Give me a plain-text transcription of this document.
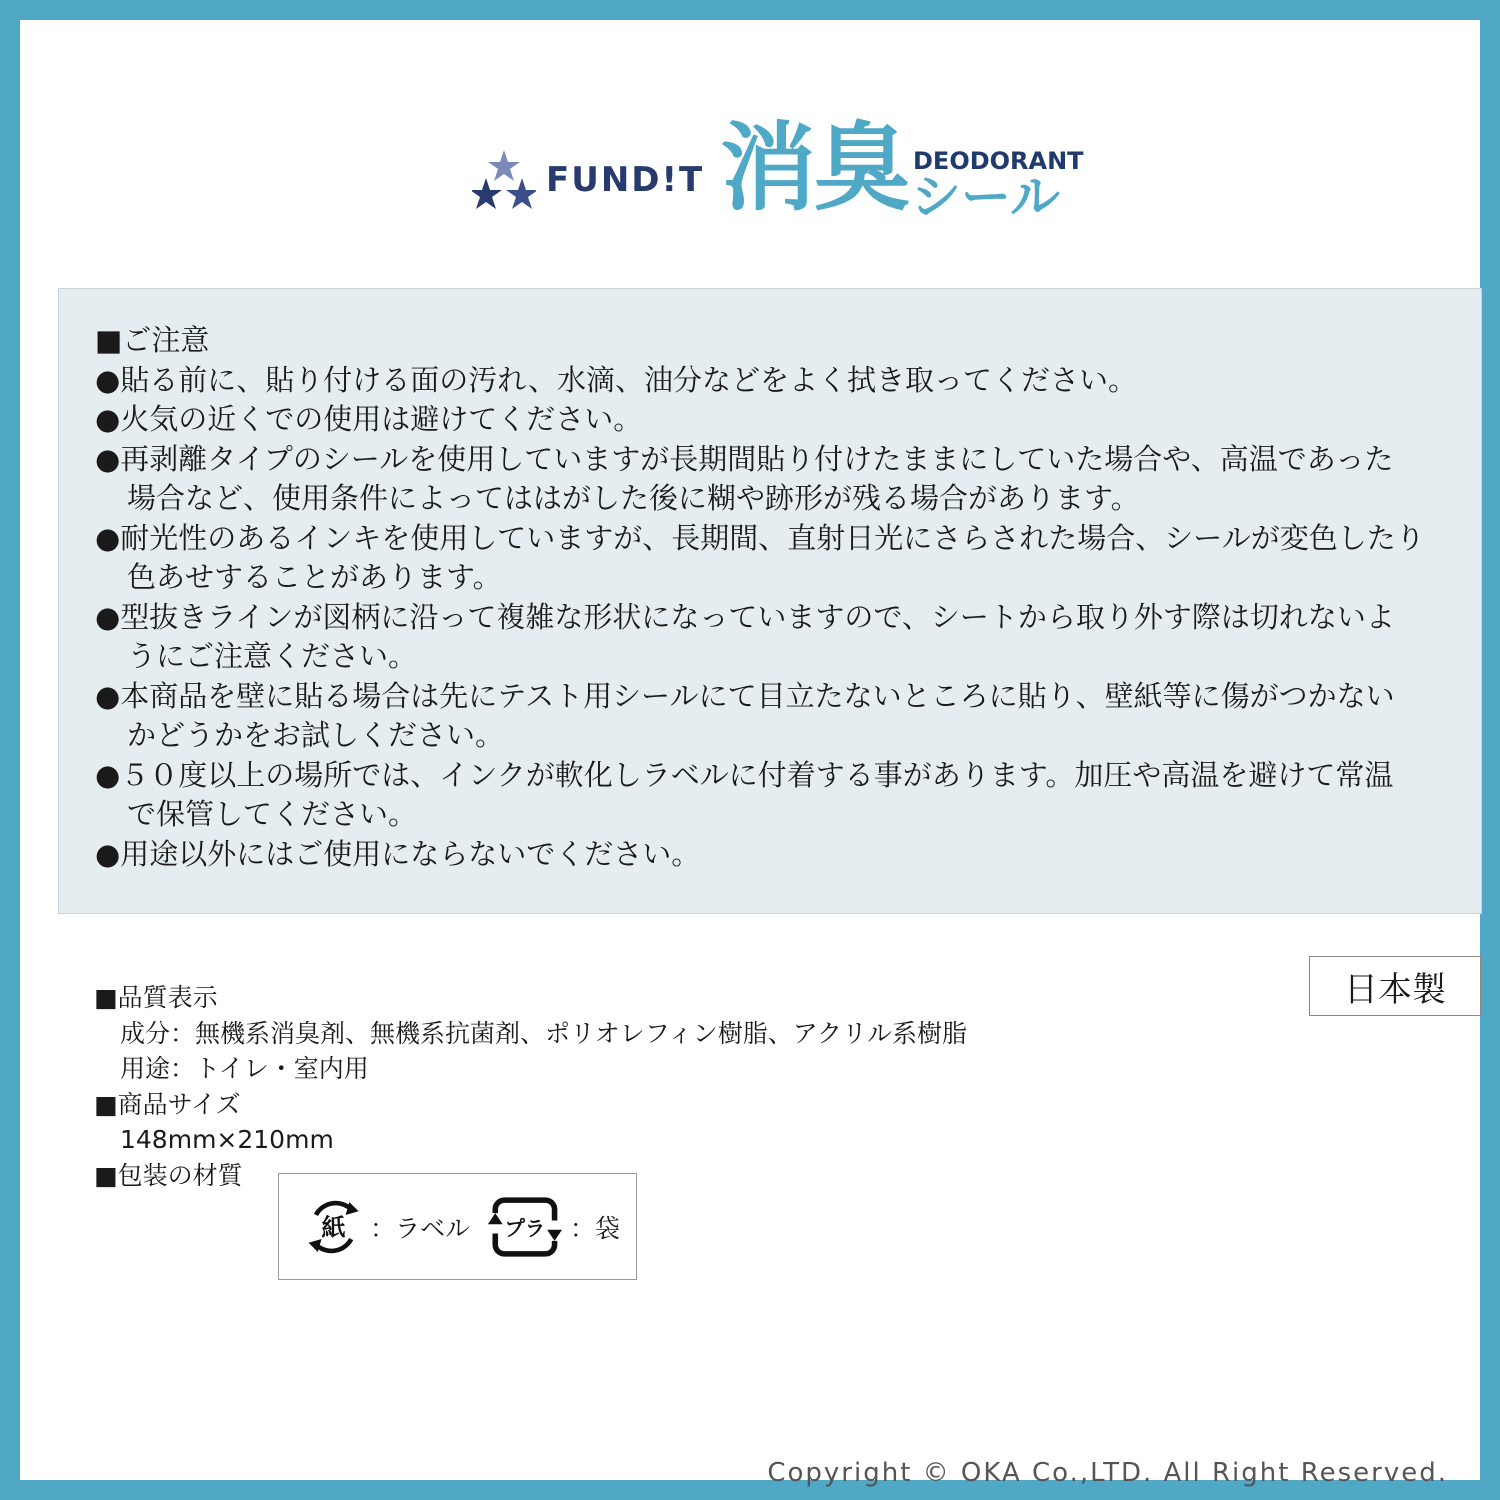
FUND!T 消臭 DEODORANT
シール
■ご注意
●貼る前に、貼り付ける面の汚れ、水滴、油分などをよく拭き取ってください。
●火気の近くでの使用は避けてください。
●再剥離タイプのシールを使用していますが長期間貼り付けたままにしていた場合や、高温であった
場合など、使用条件によってははがした後に糊や跡形が残る場合があります。
●耐光性のあるインキを使用していますが、長期間、直射日光にさらされた場合、シールが変色したり
色あせすることがあります。
●型抜きラインが図柄に沿って複雑な形状になっていますので、シートから取り外す際は切れないよ
うにご注意ください。
●本商品を壁に貼る場合は先にテスト用シールにて目立たないところに貼り、壁紙等に傷がつかない
かどうかをお試しください。
●５０度以上の場所では、インクが軟化しラベルに付着する事があります。加圧や高温を避けて常温
で保管してください。
●用途以外にはご使用にならないでください。
■品質表示
成分：無機系消臭剤、無機系抗菌剤、ポリオレフィン樹脂、アクリル系樹脂
用途：トイレ・室内用
■商品サイズ
148mm×210mm
■包装の材質
日本製
紙 ：ラベル プラ ：袋
Copyright © OKA Co.,LTD. All Right Reserved.
